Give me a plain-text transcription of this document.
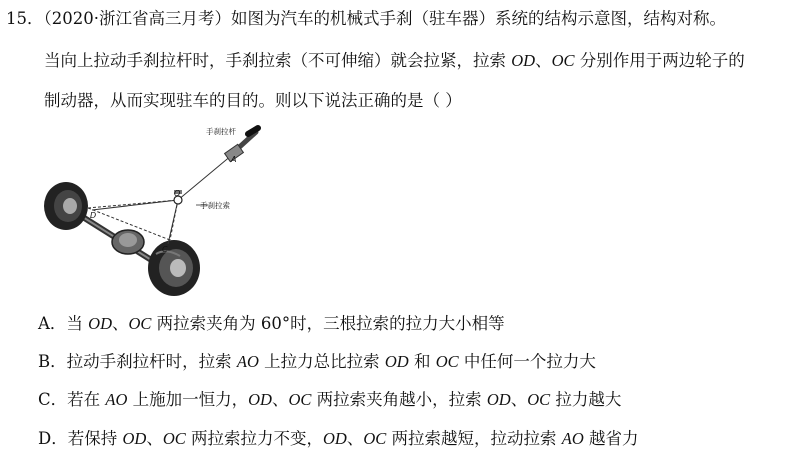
15．（2020·浙江省高三月考）如图为汽车的机械式手刹（驻车器）系统的结构示意图，结构对称。
当向上拉动手刹拉杆时，手刹拉索（不可伸缩）就会拉紧，拉索 OD、OC 分别作用于两边轮子的
制动器，从而实现驻车的目的。则以下说法正确的是（ ）
手刹拉杆
手刹拉索
A
O
D
C
A．当 OD、OC 两拉索夹角为 60°时，三根拉索的拉力大小相等
B．拉动手刹拉杆时，拉索 AO 上拉力总比拉索 OD 和 OC 中任何一个拉力大
C．若在 AO 上施加一恒力，OD、OC 两拉索夹角越小，拉索 OD、OC 拉力越大
D．若保持 OD、OC 两拉索拉力不变，OD、OC 两拉索越短，拉动拉索 AO 越省力
